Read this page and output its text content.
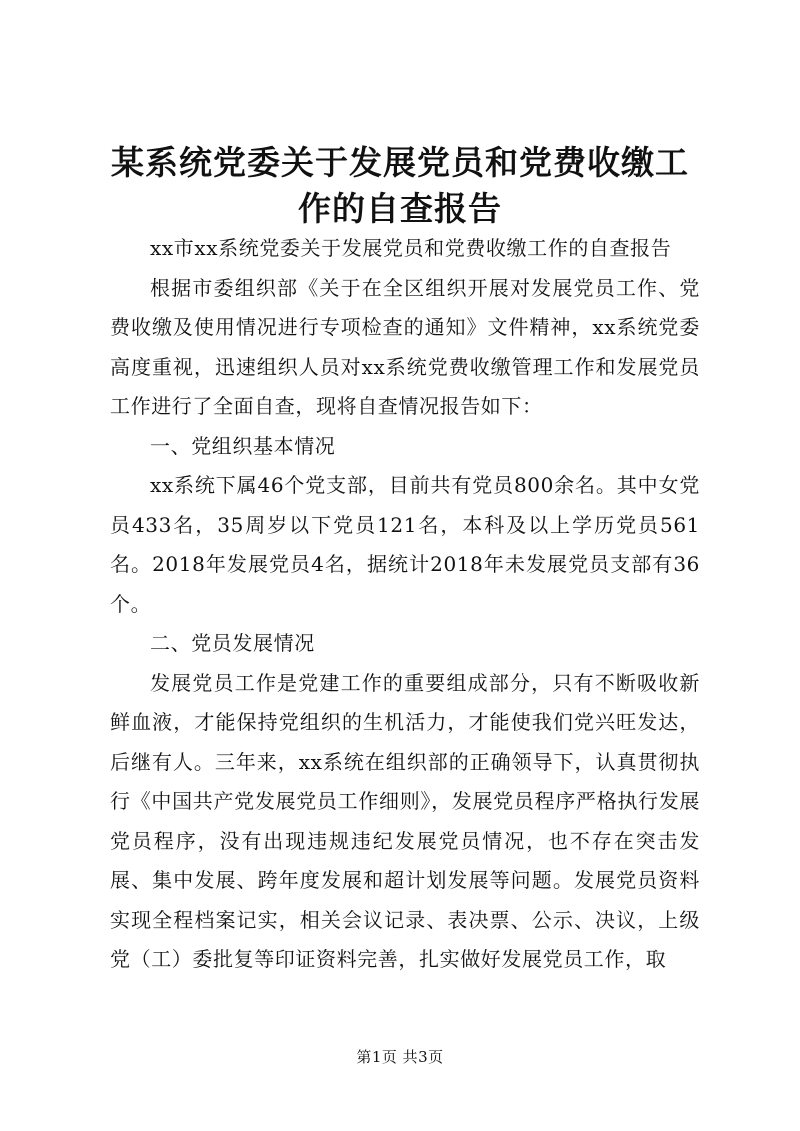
某系统党委关于发展党员和党费收缴工作的自查报告

xx市xx系统党委关于发展党员和党费收缴工作的自查报告

根据市委组织部《关于在全区组织开展对发展党员工作、党费收缴及使用情况进行专项检查的通知》文件精神，xx系统党委高度重视，迅速组织人员对xx系统党费收缴管理工作和发展党员工作进行了全面自查，现将自查情况报告如下：

一、党组织基本情况

xx系统下属46个党支部，目前共有党员800余名。其中女党员433名，35周岁以下党员121名，本科及以上学历党员561名。2018年发展党员4名，据统计2018年未发展党员支部有36个。

二、党员发展情况

发展党员工作是党建工作的重要组成部分，只有不断吸收新鲜血液，才能保持党组织的生机活力，才能使我们党兴旺发达，后继有人。三年来，xx系统在组织部的正确领导下，认真贯彻执行《中国共产党发展党员工作细则》，发展党员程序严格执行发展党员程序，没有出现违规违纪发展党员情况，也不存在突击发展、集中发展、跨年度发展和超计划发展等问题。发展党员资料实现全程档案记实，相关会议记录、表决票、公示、决议，上级党（工）委批复等印证资料完善，扎实做好发展党员工作，取

第1页 共3页
